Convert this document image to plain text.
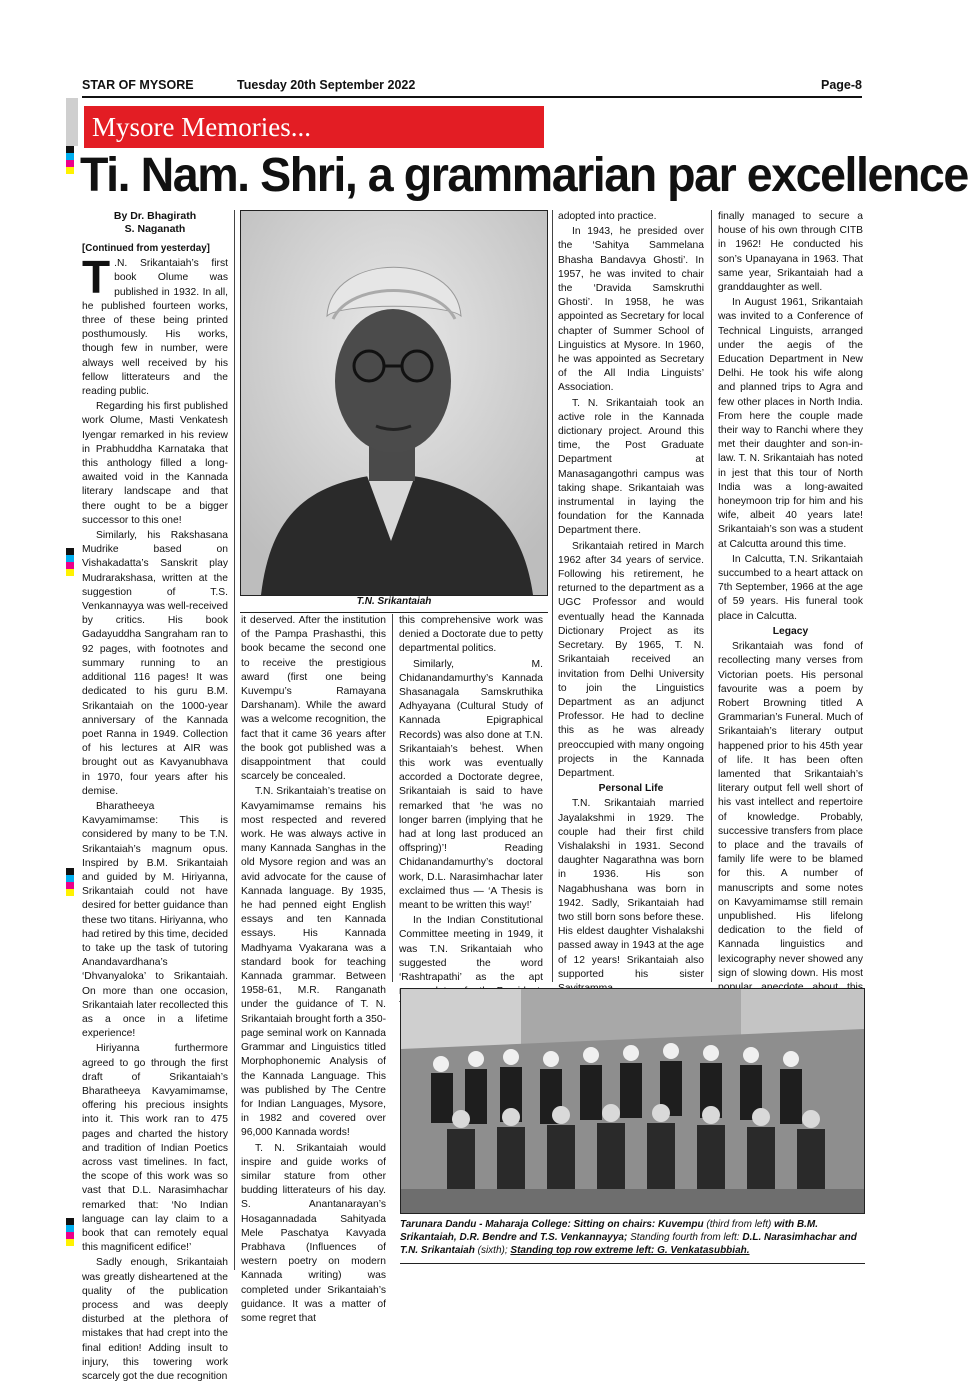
STAR OF MYSORE	Tuesday 20th September 2022	Page-8
Mysore Memories...
Ti. Nam. Shri, a grammarian par excellence
By Dr. Bhagirath
S. Naganath

[Continued from yesterday]

T .N. Srikantaiah’s first book Olume was published in 1932. In all, he published fourteen works, three of these being printed posthumously. His works, though few in number, were always well received by his fellow litterateurs and the reading public.

Regarding his first published work Olume, Masti Venkatesh Iyengar remarked in his review in Prabhuddha Karnataka that this anthology filled a long-awaited void in the Kannada literary landscape and that there ought to be a bigger successor to this one!

Similarly, his Rakshasana Mudrike based on Vishakadatta’s Sanskrit play Mudrarakshasa, written at the suggestion of T.S. Venkannayya was well-received by critics. His book Gadayuddha Sangraham ran to 92 pages, with footnotes and summary running to an additional 116 pages! It was dedicated to his guru B.M. Srikantaiah on the 1000-year anniversary of the Kannada poet Ranna in 1949. Collection of his lectures at AIR was brought out as Kavyanubhava in 1970, four years after his demise.

Bharatheeya Kavyamimamse: This is considered by many to be T.N. Srikantaiah’s magnum opus. Inspired by B.M. Srikantaiah and guided by M. Hiriyanna, Srikantaiah could not have desired for better guidance than these two titans. Hiriyanna, who had retired by this time, decided to take up the task of tutoring Anandavardhana’s ‘Dhvanyaloka’ to Srikantaiah. On more than one occasion, Srikantaiah later recollected this as a once in a lifetime experience!

Hiriyanna furthermore agreed to go through the first draft of Srikantaiah’s Bharatheeya Kavyamimamse, offering his precious insights into it. This work ran to 475 pages and charted the history and tradition of Indian Poetics across vast timelines. In fact, the scope of this work was so vast that D.L. Narasimhachar remarked that: ‘No Indian language can lay claim to a book that can remotely equal this magnificent edifice!’

Sadly enough, Srikantaiah was greatly disheartened at the quality of the publication process and was deeply disturbed at the plethora of mistakes that had crept into the final edition! Adding insult to injury, this towering work scarcely got the due recognition

T.N. Srikantaiah

it deserved. After the institution of the Pampa Prashasthi, this book became the second one to receive the prestigious award (first one being Kuvempu’s Ramayana Darshanam). While the award was a welcome recognition, the fact that it came 36 years after the book got published was a disappointment that could scarcely be concealed.

T.N. Srikantaiah’s treatise on Kavyamimamse remains his most respected and revered work. He was always active in many Kannada Sanghas in the old Mysore region and was an avid advocate for the cause of Kannada language. By 1935, he had penned eight English essays and ten Kannada essays. His Kannada Madhyama Vyakarana was a standard book for teaching Kannada grammar. Between 1958-61, M.R. Ranganath under the guidance of T. N. Srikantaiah brought forth a 350-page seminal work on Kannada Grammar and Linguistics titled Morphophonemic Analysis of the Kannada Language. This was published by The Centre for Indian Languages, Mysore, in 1982 and covered over 96,000 Kannada words!

T. N. Srikantaiah would inspire and guide works of similar stature from other budding litterateurs of his day. S. Anantanarayan’s Hosagannadada Sahityada Mele Paschatya Kavyada Prabhava (Influences of western poetry on modern Kannada writing) was completed under Srikantaiah’s guidance. It was a matter of some regret that

this comprehensive work was denied a Doctorate due to petty departmental politics.

Similarly, M. Chidanandamurthy’s Kannada Shasanagala Samskruthika Adhyayana (Cultural Study of Kannada Epigraphical Records) was also done at T.N. Srikantaiah’s behest. When this work was eventually accorded a Doctorate degree, Srikantaiah is said to have remarked that ‘he was no longer barren (implying that he had at long last produced an offspring)’! Reading Chidanandamurthy’s doctoral work, D.L. Narasimhachar later exclaimed thus — ‘A Thesis is meant to be written this way!’

In the Indian Constitutional Committee meeting in 1949, it was T.N. Srikantaiah who suggested the word ‘Rashtrapathi’ as the apt

adopted into practice.

In 1943, he presided over the ‘Sahitya Sammelana Bhasha Bandavya Ghosti’. In 1957, he was invited to chair the ‘Dravida Samskruthi Ghosti’. In 1958, he was appointed as Secretary for local chapter of Summer School of Linguistics at Mysore. In 1960, he was appointed as Secretary of the All India Linguists’ Association.

T. N. Srikantaiah took an active role in the Kannada dictionary project. Around this time, the Post Graduate Department at Manasagangothri campus was taking shape. Srikantaiah was instrumental in laying the foundation for the Kannada Department there.

Srikantaiah retired in March 1962 after 34 years of service. Following his retirement, he returned to the department as a UGC Professor and would eventually head the Kannada Dictionary Project as its Secretary. By 1965, T. N. Srikantaiah received an invitation from Delhi University to join the Linguistics Department as an adjunct Professor. He had to decline this as he was already preoccupied with many ongoing projects in the Kannada Department.

Personal Life

T.N. Srikantaiah married Jayalakshmi in 1929. The couple had their first child Vishalakshi in 1931. Second daughter Nagarathna was born in 1936. His son Nagabhushana was born in 1942. Sadly, Srikantaiah had two still born sons before these. His eldest daughter Vishalakshi passed away in 1943 at the age of 12 years! Srikantaiah also supported his sister

finally managed to secure a house of his own through CITB in 1962! He conducted his son’s Upanayana in 1963. That same year, Srikantaiah had a granddaughter as well.

In August 1961, Srikantaiah was invited to a Conference of Technical Linguists, arranged under the aegis of the Education Department in New Delhi. He took his wife along and planned trips to Agra and few other places in North India. From here the couple made their way to Ranchi where they met their daughter and son-in-law. T. N. Srikantaiah has noted in jest that this tour of North India was a long-awaited honeymoon trip for him and his wife, albeit 40 years late! Srikantaiah’s son was a student at Calcutta around this time.

In Calcutta, T.N. Srikantaiah succumbed to a heart attack on 7th September, 1966 at the age of 59 years. His funeral took place in Calcutta.

Legacy

Srikantaiah was fond of recollecting many verses from Victorian poets. His personal favourite was a poem by Robert Browning titled A Grammarian’s Funeral. Much of Srikantaiah’s literary output happened prior to his 45th year of life. It has been often lamented that Srikantaiah’s literary output fell well short of his vast intellect and repertoire of knowledge. Probably, successive transfers from place to place and the travails of family life were to be blamed for this. A number of manuscripts and some notes on Kavyamimamse still remain unpublished. His lifelong dedication to the field of Kannada linguistics and lexicography never showed any sign of slowing down. His most

Tarunara Dandu - Maharaja College: Sitting on chairs: Kuvempu (third from left) with B.M. Srikantaiah, D.R. Bendre and T.S. Venkannayya; Standing fourth from left: D.L. Narasimhachar and T.N. Srikantaiah (sixth); Standing top row extreme left: G. Venkatasubbiah.
